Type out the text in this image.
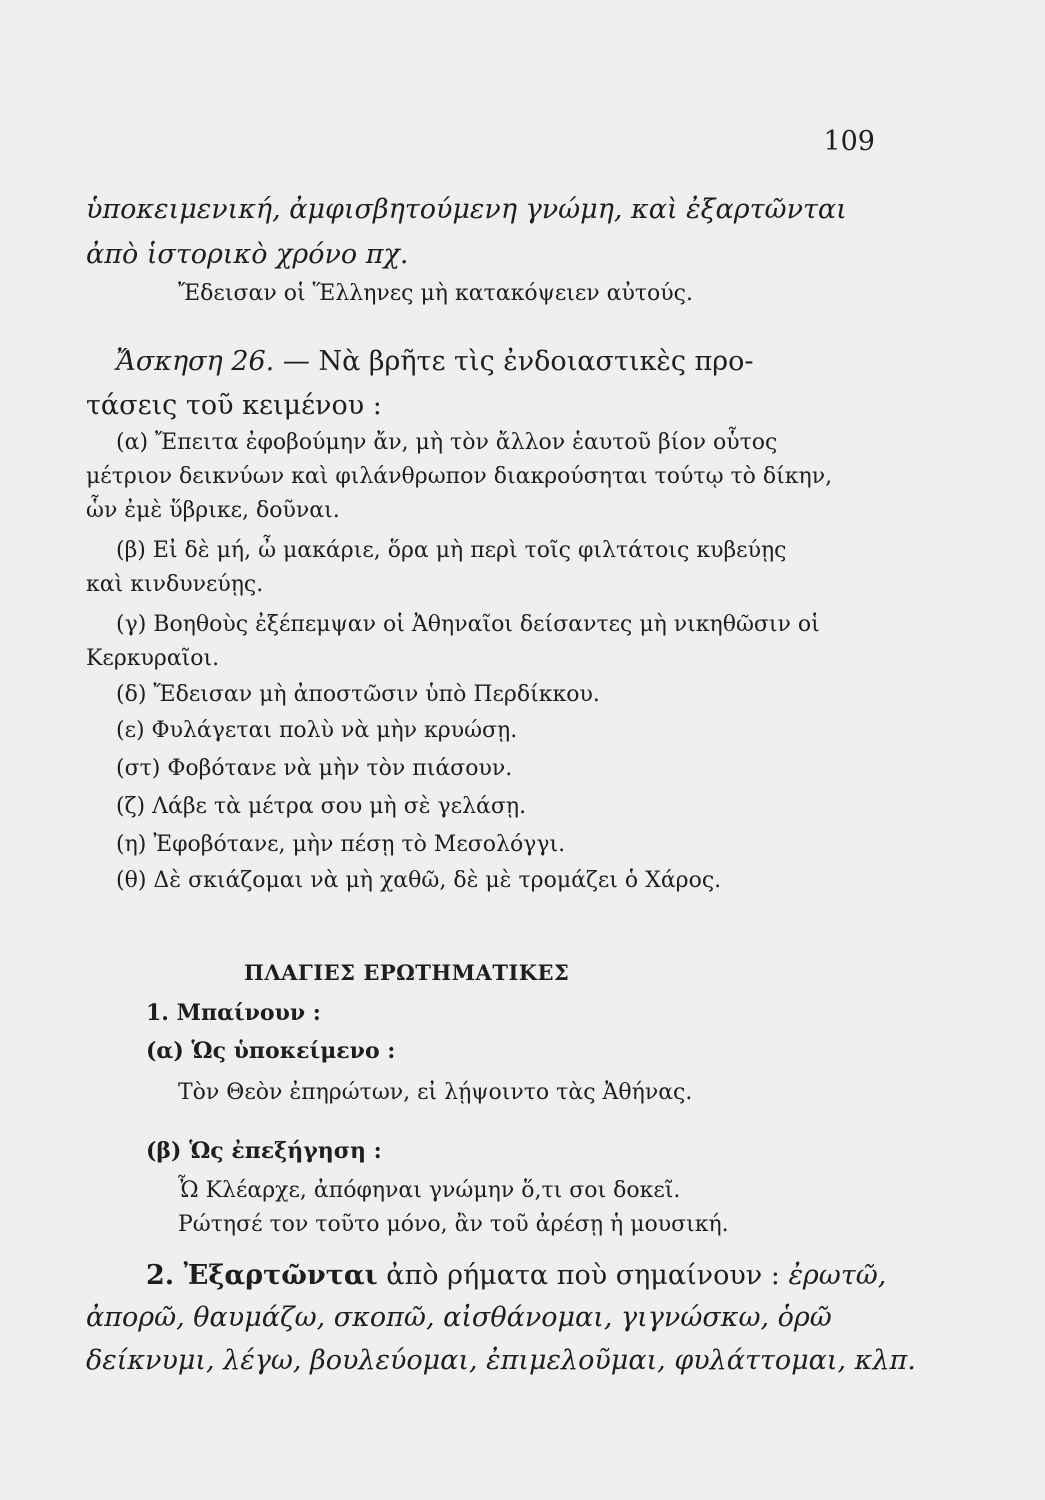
109
ὑποκειμενική, ἀμφισβητούμενη γνώμη, καὶ ἐξαρτῶνται
ἀπὸ ἱστορικὸ χρόνο πχ.
Ἔδεισαν οἱ Ἕλληνες μὴ κατακόψειεν αὐτούς.
Ἄσκηση 26. — Νὰ βρῆτε τὶς ἐνδοιαστικὲς προ-
τάσεις τοῦ κειμένου :
(α) Ἔπειτα ἐφοβούμην ἄν, μὴ τὸν ἄλλον ἑαυτοῦ βίον οὗτος
μέτριον δεικνύων καὶ φιλάνθρωπον διακρούσηται τούτῳ τὸ δίκην,
ὧν ἐμὲ ὕβρικε, δοῦναι.
(β) Εἰ δὲ μή, ὦ μακάριε, ὅρα μὴ περὶ τοῖς φιλτάτοις κυβεύῃς
καὶ κινδυνεύῃς.
(γ) Βοηθοὺς ἐξέπεμψαν οἱ Ἀθηναῖοι δείσαντες μὴ νικηθῶσιν οἱ
Κερκυραῖοι.
(δ) Ἔδεισαν μὴ ἀποστῶσιν ὑπὸ Περδίκκου.
(ε) Φυλάγεται πολὺ νὰ μὴν κρυώσῃ.
(στ) Φοβότανε νὰ μὴν τὸν πιάσουν.
(ζ) Λάβε τὰ μέτρα σου μὴ σὲ γελάσῃ.
(η) Ἐφοβότανε, μὴν πέσῃ τὸ Μεσολόγγι.
(θ) Δὲ σκιάζομαι νὰ μὴ χαθῶ, δὲ μὲ τρομάζει ὁ Χάρος.
ΠΛΑΓΙΕΣ ΕΡΩΤΗΜΑΤΙΚΕΣ
1. Μπαίνουν :
(α) Ὡς ὑποκείμενο :
Τὸν Θεὸν ἐπηρώτων, εἰ λῄψοιντο τὰς Ἀθήνας.
(β) Ὡς ἐπεξήγηση :
Ὦ Κλέαρχε, ἀπόφηναι γνώμην ὅ,τι σοι δοκεῖ.
Ρώτησέ τον τοῦτο μόνο, ἂν τοῦ ἀρέσῃ ἡ μουσική.
2. Ἐξαρτῶνται ἀπὸ ρήματα ποὺ σημαίνουν : ἐρωτῶ,
ἀπορῶ, θαυμάζω, σκοπῶ, αἰσθάνομαι, γιγνώσκω, ὁρῶ
δείκνυμι, λέγω, βουλεύομαι, ἐπιμελοῦμαι, φυλάττομαι, κλπ.
